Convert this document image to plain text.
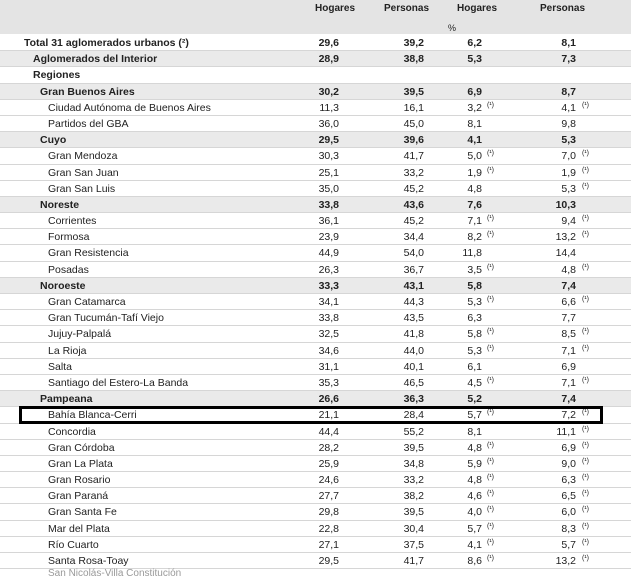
Hogares	Personas	Hogares	Personas
%
Total 31 aglomerados urbanos (²)	29,6	39,2	6,2	8,1
Aglomerados del Interior	28,9	38,8	5,3	7,3
Regiones
Gran Buenos Aires	30,2	39,5	6,9	8,7
Ciudad Autónoma de Buenos Aires	11,3	16,1	3,2 (¹)	4,1 (¹)
Partidos del GBA	36,0	45,0	8,1	9,8
Cuyo	29,5	39,6	4,1	5,3
Gran Mendoza	30,3	41,7	5,0 (¹)	7,0 (¹)
Gran San Juan	25,1	33,2	1,9 (¹)	1,9 (¹)
Gran San Luis	35,0	45,2	4,8	5,3 (¹)
Noreste	33,8	43,6	7,6	10,3
Corrientes	36,1	45,2	7,1 (¹)	9,4 (¹)
Formosa	23,9	34,4	8,2 (¹)	13,2 (¹)
Gran Resistencia	44,9	54,0	11,8	14,4
Posadas	26,3	36,7	3,5 (¹)	4,8 (¹)
Noroeste	33,3	43,1	5,8	7,4
Gran Catamarca	34,1	44,3	5,3 (¹)	6,6 (¹)
Gran Tucumán-Tafí Viejo	33,8	43,5	6,3	7,7
Jujuy-Palpalá	32,5	41,8	5,8 (¹)	8,5 (¹)
La Rioja	34,6	44,0	5,3 (¹)	7,1 (¹)
Salta	31,1	40,1	6,1	6,9
Santiago del Estero-La Banda	35,3	46,5	4,5 (¹)	7,1 (¹)
Pampeana	26,6	36,3	5,2	7,4
Bahía Blanca-Cerri	21,1	28,4	5,7 (¹)	7,2 (¹)
Concordia	44,4	55,2	8,1	11,1 (¹)
Gran Córdoba	28,2	39,5	4,8 (¹)	6,9 (¹)
Gran La Plata	25,9	34,8	5,9 (¹)	9,0 (¹)
Gran Rosario	24,6	33,2	4,8 (¹)	6,3 (¹)
Gran Paraná	27,7	38,2	4,6 (¹)	6,5 (¹)
Gran Santa Fe	29,8	39,5	4,0 (¹)	6,0 (¹)
Mar del Plata	22,8	30,4	5,7 (¹)	8,3 (¹)
Río Cuarto	27,1	37,5	4,1 (¹)	5,7 (¹)
Santa Rosa-Toay	29,5	41,7	8,6 (¹)	13,2 (¹)
San Nicolás-Villa Constitución
